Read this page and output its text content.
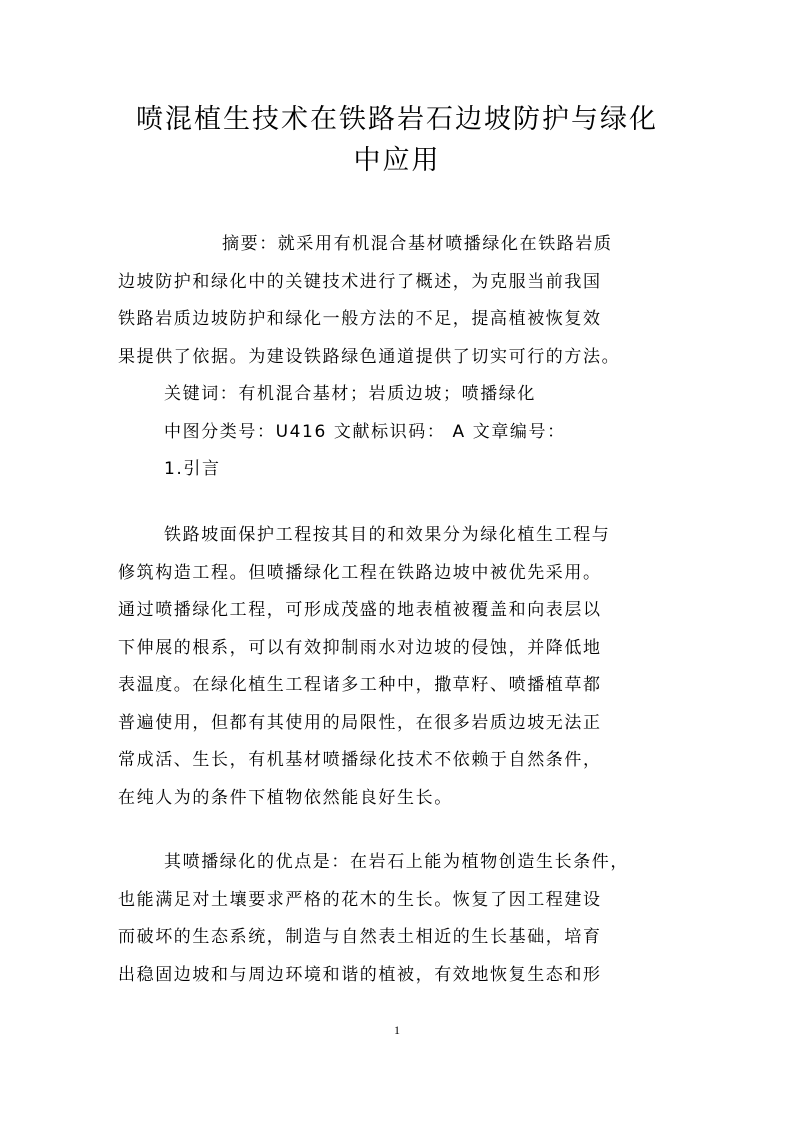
喷混植生技术在铁路岩石边坡防护与绿化
中应用
摘要：就采用有机混合基材喷播绿化在铁路岩质
边坡防护和绿化中的关键技术进行了概述，为克服当前我国
铁路岩质边坡防护和绿化一般方法的不足，提高植被恢复效
果提供了依据。为建设铁路绿色通道提供了切实可行的方法。
关键词：有机混合基材；岩质边坡；喷播绿化
中图分类号：U416 文献标识码： A 文章编号：
1.引言
铁路坡面保护工程按其目的和效果分为绿化植生工程与
修筑构造工程。但喷播绿化工程在铁路边坡中被优先采用。
通过喷播绿化工程，可形成茂盛的地表植被覆盖和向表层以
下伸展的根系，可以有效抑制雨水对边坡的侵蚀，并降低地
表温度。在绿化植生工程诸多工种中，撒草籽、喷播植草都
普遍使用，但都有其使用的局限性，在很多岩质边坡无法正
常成活、生长，有机基材喷播绿化技术不依赖于自然条件，
在纯人为的条件下植物依然能良好生长。
其喷播绿化的优点是：在岩石上能为植物创造生长条件，
也能满足对土壤要求严格的花木的生长。恢复了因工程建设
而破坏的生态系统，制造与自然表土相近的生长基础，培育
出稳固边坡和与周边环境和谐的植被，有效地恢复生态和形
1
